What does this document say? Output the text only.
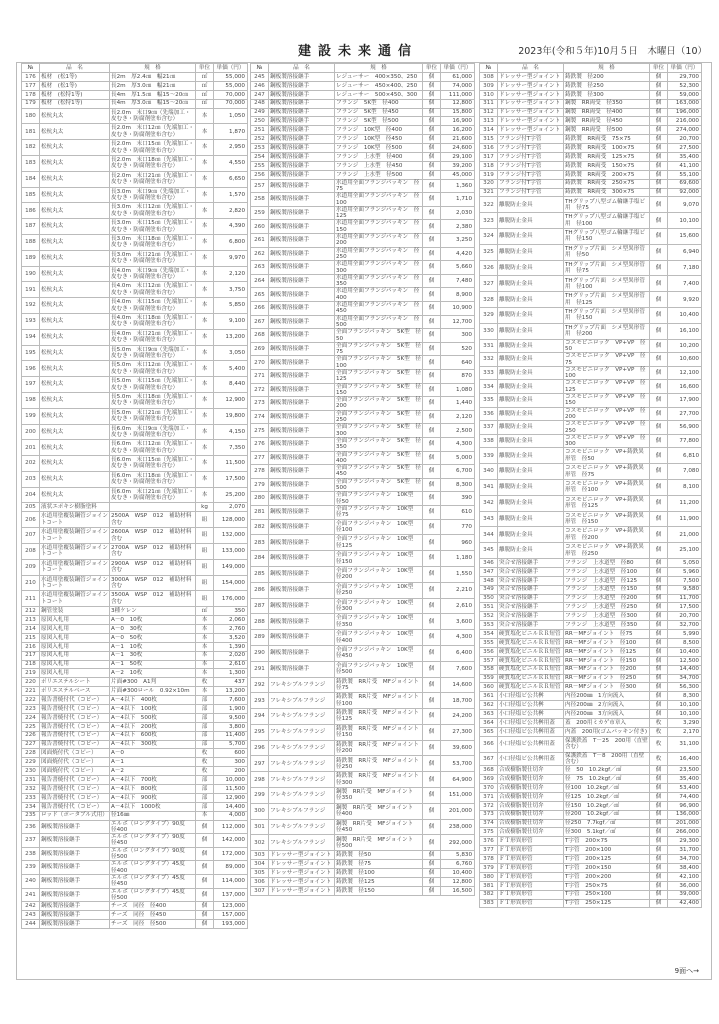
建設未来通信	2023年(令和５年)10月５日　木曜日（10）
№	品　名	規　格	単位	単価（円）
176	板材　(松1等)	長2m　厚2.4㎝　幅21㎝	㎥	55,000
177	板材　(松1等)	長2m　厚3.0㎝　幅21㎝	㎥	55,000
178	板材　(松特1等)	長4m　厚1.5㎝　幅15～20㎝	㎥	70,000
179	板材　(松特1等)	長4m　厚3.0㎝　幅15～20㎝	㎥	70,000
180	松杭丸太	長2.0m　末口9㎝（先端加工・皮むき・防腐剤塗布含む）	本	1,050
181	松杭丸太	長2.0m　末口12㎝（先端加工・皮むき・防腐剤塗布含む）	本	1,870
182	松杭丸太	長2.0m　末口15㎝（先端加工・皮むき・防腐剤塗布含む）	本	2,950
183	松杭丸太	長2.0m　末口18㎝（先端加工・皮むき・防腐剤塗布含む）	本	4,550
184	松杭丸太	長2.0m　末口21㎝（先端加工・皮むき・防腐剤塗布含む）	本	6,650
185	松杭丸太	長3.0m　末口9㎝（先端加工・皮むき・防腐剤塗布含む）	本	1,570
186	松杭丸太	長3.0m　末口12㎝（先端加工・皮むき・防腐剤塗布含む）	本	2,820
187	松杭丸太	長3.0m　末口15㎝（先端加工・皮むき・防腐剤塗布含む）	本	4,390
188	松杭丸太	長3.0m　末口18㎝（先端加工・皮むき・防腐剤塗布含む）	本	6,800
189	松杭丸太	長3.0m　末口21㎝（先端加工・皮むき・防腐剤塗布含む）	本	9,970
190	松杭丸太	長4.0m　末口9㎝（先端加工・皮むき・防腐剤塗布含む）	本	2,120
191	松杭丸太	長4.0m　末口12㎝（先端加工・皮むき・防腐剤塗布含む）	本	3,750
192	松杭丸太	長4.0m　末口15㎝（先端加工・皮むき・防腐剤塗布含む）	本	5,850
193	松杭丸太	長4.0m　末口18㎝（先端加工・皮むき・防腐剤塗布含む）	本	9,100
194	松杭丸太	長4.0m　末口21㎝（先端加工・皮むき・防腐剤塗布含む）	本	13,200
195	松杭丸太	長5.0m　末口9㎝（先端加工・皮むき・防腐剤塗布含む）	本	3,050
196	松杭丸太	長5.0m　末口12㎝（先端加工・皮むき・防腐剤塗布含む）	本	5,400
197	松杭丸太	長5.0m　末口15㎝（先端加工・皮むき・防腐剤塗布含む）	本	8,440
198	松杭丸太	長5.0m　末口18㎝（先端加工・皮むき・防腐剤塗布含む）	本	12,900
199	松杭丸太	長5.0m　末口21㎝（先端加工・皮むき・防腐剤塗布含む）	本	19,800
200	松杭丸太	長6.0m　末口9㎝（先端加工・皮むき・防腐剤塗布含む）	本	4,150
201	松杭丸太	長6.0m　末口12㎝（先端加工・皮むき・防腐剤塗布含む）	本	7,350
202	松杭丸太	長6.0m　末口15㎝（先端加工・皮むき・防腐剤塗布含む）	本	11,500
203	松杭丸太	長6.0m　末口18㎝（先端加工・皮むき・防腐剤塗布含む）	本	17,500
204	松杭丸太	長6.0m　末口21㎝（先端加工・皮むき・防腐剤塗布含む）	本	25,200
205	液状エポキシ樹脂塗料		kg	2,070
206	水道用塗覆装鋼管ジョイントコート	2500A　WSP　012　補助材料含む	組	128,000
207	水道用塗覆装鋼管ジョイントコート	2600A　WSP　012　補助材料含む	組	132,000
208	水道用塗覆装鋼管ジョイントコート	2700A　WSP　012　補助材料含む	組	133,000
209	水道用塗覆装鋼管ジョイントコート	2900A　WSP　012　補助材料含む	組	149,000
210	水道用塗覆装鋼管ジョイントコート	3000A　WSP　012　補助材料含む	組	154,000
211	水道用塗覆装鋼管ジョイントコート	3500A　WSP　012　補助材料含む	組	176,000
212	鋼管塗装	3種ケレン	㎡	350
213	原図入札用	A－0　10枚	本	2,060
214	原図入札用	A－0　30枚	本	2,760
215	原図入札用	A－0　50枚	本	3,520
216	原図入札用	A－1　10枚	本	1,390
217	原図入札用	A－1　30枚	本	2,020
218	原図入札用	A－1　50枚	本	2,610
219	原図入札用	A－2　10枚	本	1,300
220	ポリエステルシート	片面#300　A1判	枚	437
221	ポリエステルベース	片面#300ロール　0.92×10m	本	13,200
222	報告書焼付代（コピー）	A－4以下　400枚	部	7,600
223	報告書焼付代（コピー）	A－4以下　100枚	部	1,900
224	報告書焼付代（コピー）	A－4以下　500枚	部	9,500
225	報告書焼付代（コピー）	A－4以下　200枚	部	3,800
226	報告書焼付代（コピー）	A－4以下　600枚	部	11,400
227	報告書焼付代（コピー）	A－4以下　300枚	部	5,700
228	図面焼付代（コピー）	A－0	枚	600
229	図面焼付代（コピー）	A－1	枚	300
230	図面焼付代（コピー）	A－2	枚	200
231	報告書焼付代（コピー）	A－4以下　700枚	部	10,000
232	報告書焼付代（コピー）	A－4以下　800枚	部	11,500
233	報告書焼付代（コピー）	A－4以下　900枚	部	12,900
234	報告書焼付代（コピー）	A－4以下　1000枚	部	14,400
235	ロッド（ポータブル式用）	径16㎜	本	4,000
236	鋼板製溶接継手	エルボ（ロングタイプ）90度　径400	個	112,000
237	鋼板製溶接継手	エルボ（ロングタイプ）90度　径450	個	142,000
238	鋼板製溶接継手	エルボ（ロングタイプ）90度　径500	個	172,000
239	鋼板製溶接継手	エルボ（ロングタイプ）45度　径400	個	89,000
240	鋼板製溶接継手	エルボ（ロングタイプ）45度　径450	個	114,000
241	鋼板製溶接継手	エルボ（ロングタイプ）45度　径500	個	137,000
242	鋼板製溶接継手	チーズ　同径　径400	個	123,000
243	鋼板製溶接継手	チーズ　同径　径450	個	157,000
244	鋼板製溶接継手	チーズ　同径　径500	個	193,000
№	品　名	規　格	単位	単価（円）
245	鋼板製溶接継手	レジューサー　400×350、250	個	61,000
246	鋼板製溶接継手	レジューサー　450×400、250	個	74,000
247	鋼板製溶接継手	レジューサー　500×450、300	個	111,000
248	鋼板製溶接継手	フランジ　5K型　径400	個	12,800
249	鋼板製溶接継手	フランジ　5K型　径450	個	15,800
250	鋼板製溶接継手	フランジ　5K型　径500	個	16,900
251	鋼板製溶接継手	フランジ　10K型　径400	個	16,200
252	鋼板製溶接継手	フランジ　10K型　径450	個	21,600
253	鋼板製溶接継手	フランジ　10K型　径500	個	24,600
254	鋼板製溶接継手	フランジ　上水型　径400	個	29,100
255	鋼板製溶接継手	フランジ　上水型　径450	個	39,200
256	鋼板製溶接継手	フランジ　上水型　径500	個	45,000
257	鋼板製溶接継手	水道用全面フランジパッキン　径75	個	1,360
258	鋼板製溶接継手	水道用全面フランジパッキン　径100	個	1,710
259	鋼板製溶接継手	水道用全面フランジパッキン　径125	個	2,030
260	鋼板製溶接継手	水道用全面フランジパッキン　径150	個	2,380
261	鋼板製溶接継手	水道用全面フランジパッキン　径200	個	3,250
262	鋼板製溶接継手	水道用全面フランジパッキン　径250	個	4,420
263	鋼板製溶接継手	水道用全面フランジパッキン　径300	個	5,660
264	鋼板製溶接継手	水道用全面フランジパッキン　径350	個	7,480
265	鋼板製溶接継手	水道用全面フランジパッキン　径400	個	8,900
266	鋼板製溶接継手	水道用全面フランジパッキン　径450	個	10,900
267	鋼板製溶接継手	水道用全面フランジパッキン　径500	個	12,700
268	鋼板製溶接継手	全面フランジパッキン　5K型　径50	個	300
269	鋼板製溶接継手	全面フランジパッキン　5K型　径75	個	520
270	鋼板製溶接継手	全面フランジパッキン　5K型　径100	個	640
271	鋼板製溶接継手	全面フランジパッキン　5K型　径125	個	870
272	鋼板製溶接継手	全面フランジパッキン　5K型　径150	個	1,080
273	鋼板製溶接継手	全面フランジパッキン　5K型　径200	個	1,440
274	鋼板製溶接継手	全面フランジパッキン　5K型　径250	個	2,120
275	鋼板製溶接継手	全面フランジパッキン　5K型　径300	個	2,500
276	鋼板製溶接継手	全面フランジパッキン　5K型　径350	個	4,300
277	鋼板製溶接継手	全面フランジパッキン　5K型　径400	個	5,000
278	鋼板製溶接継手	全面フランジパッキン　5K型　径450	個	6,700
279	鋼板製溶接継手	全面フランジパッキン　5K型　径500	個	8,300
280	鋼板製溶接継手	全面フランジパッキン　10K型　径50	個	390
281	鋼板製溶接継手	全面フランジパッキン　10K型　径75	個	610
282	鋼板製溶接継手	全面フランジパッキン　10K型　径100	個	770
283	鋼板製溶接継手	全面フランジパッキン　10K型　径125	個	960
284	鋼板製溶接継手	全面フランジパッキン　10K型　径150	個	1,180
285	鋼板製溶接継手	全面フランジパッキン　10K型　径200	個	1,550
286	鋼板製溶接継手	全面フランジパッキン　10K型　径250	個	2,210
287	鋼板製溶接継手	全面フランジパッキン　10K型　径300	個	2,610
288	鋼板製溶接継手	全面フランジパッキン　10K型　径350	個	3,600
289	鋼板製溶接継手	全面フランジパッキン　10K型　径400	個	4,300
290	鋼板製溶接継手	全面フランジパッキン　10K型　径450	個	6,400
291	鋼板製溶接継手	全面フランジパッキン　10K型　径500	個	7,600
292	フレキシブルフランジ	鋳鉄製　RR片受　MFジョイント　径75	個	14,600
293	フレキシブルフランジ	鋳鉄製　RR片受　MFジョイント　径100	個	18,700
294	フレキシブルフランジ	鋳鉄製　RR片受　MFジョイント　径125	個	24,200
295	フレキシブルフランジ	鋳鉄製　RR片受　MFジョイント　径150	個	27,300
296	フレキシブルフランジ	鋳鉄製　RR片受　MFジョイント　径200	個	39,600
297	フレキシブルフランジ	鋳鉄製　RR片受　MFジョイント　径250	個	53,700
298	フレキシブルフランジ	鋳鉄製　RR片受　MFジョイント　径300	個	64,900
299	フレキシブルフランジ	鋼製　RR片受　MFジョイント　径350	個	151,000
300	フレキシブルフランジ	鋼製　RR片受　MFジョイント　径400	個	201,000
301	フレキシブルフランジ	鋼製　RR片受　MFジョイント　径450	個	238,000
302	フレキシブルフランジ	鋼製　RR片受　MFジョイント　径500	個	292,000
303	ドレッサー型ジョイント	鋳鉄製　径50	個	5,830
304	ドレッサー型ジョイント	鋳鉄製　径75	個	6,760
305	ドレッサー型ジョイント	鋳鉄製　径100	個	10,400
306	ドレッサー型ジョイント	鋳鉄製　径125	個	12,800
307	ドレッサー型ジョイント	鋳鉄製　径150	個	16,500
№	品　名	規　格	単位	単価（円）
308	ドレッサー型ジョイント	鋳鉄製　径200	個	29,700
309	ドレッサー型ジョイント	鋳鉄製　径250	個	52,300
310	ドレッサー型ジョイント	鋳鉄製　径300	個	59,000
311	ドレッサー型ジョイント	鋼製　RR両受　径350	個	163,000
312	ドレッサー型ジョイント	鋼製　RR両受　径400	個	196,000
313	ドレッサー型ジョイント	鋼製　RR両受　径450	個	216,000
314	ドレッサー型ジョイント	鋼製　RR両受　径500	個	274,000
315	フランジ付T字管	鋳鉄製　RR両受　75×75	個	20,700
316	フランジ付T字管	鋳鉄製　RR両受　100×75	個	27,500
317	フランジ付T字管	鋳鉄製　RR両受　125×75	個	35,400
318	フランジ付T字管	鋳鉄製　RR両受　150×75	個	41,100
319	フランジ付T字管	鋳鉄製　RR両受　200×75	個	55,100
320	フランジ付T字管	鋳鉄製　RR両受　250×75	個	69,600
321	フランジ付T字管	鋳鉄製　RR両受　300×75	個	92,000
322	離脱防止金具	THグリップ八型ゴム輪継手塩ビ用　径75	個	9,070
323	離脱防止金具	THグリップ八型ゴム輪継手塩ビ用　径100	個	10,100
324	離脱防止金具	THグリップ八型ゴム輪継手塩ビ用　径150	個	15,600
325	離脱防止金具	THグリップ片面　シメ型異形管用　径50	個	6,940
326	離脱防止金具	THグリップ片面　シメ型異形管用　径75	個	7,180
327	離脱防止金具	THグリップ片面　シメ型異形管用　径100	個	7,400
328	離脱防止金具	THグリップ片面　シメ型異形管用　径125	個	9,920
329	離脱防止金具	THグリップ片面　シメ型異形管用　径150	個	10,400
330	離脱防止金具	THグリップ片面　シメ型異形管用　径200	個	16,100
331	離脱防止金具	コスモビニロック　VP+VP　径50	個	10,200
332	離脱防止金具	コスモビニロック　VP+VP　径75	個	10,600
333	離脱防止金具	コスモビニロック　VP+VP　径100	個	12,100
334	離脱防止金具	コスモビニロック　VP+VP　径125	個	16,600
335	離脱防止金具	コスモビニロック　VP+VP　径150	個	17,900
336	離脱防止金具	コスモビニロック　VP+VP　径200	個	27,700
337	離脱防止金具	コスモビニロック　VP+VP　径250	個	56,900
338	離脱防止金具	コスモビニロック　VP+VP　径300	個	77,800
339	離脱防止金具	コスモビニロック　VP+鋳鉄異形管　径50	個	6,810
340	離脱防止金具	コスモビニロック　VP+鋳鉄異形管　径75	個	7,080
341	離脱防止金具	コスモビニロック　VP+鋳鉄異形管　径100	個	8,100
342	離脱防止金具	コスモビニロック　VP+鋳鉄異形管　径125	個	11,200
343	離脱防止金具	コスモビニロック　VP+鋳鉄異形管　径150	個	11,900
344	離脱防止金具	コスモビニロック　VP+鋳鉄異形管　径200	個	21,000
345	離脱防止金具	コスモビニロック　VP+鋳鉄異形管　径250	個	25,100
346	突合せ溶接継手	フランジ　上水道型　径80	個	5,050
347	突合せ溶接継手	フランジ　上水道型　径100	個	5,960
348	突合せ溶接継手	フランジ　上水道型　径125	個	7,500
349	突合せ溶接継手	フランジ　上水道型　径150	個	9,580
350	突合せ溶接継手	フランジ　上水道型　径200	個	11,700
351	突合せ溶接継手	フランジ　上水道型　径250	個	17,500
352	突合せ溶接継手	フランジ　上水道型　径300	個	20,700
353	突合せ溶接継手	フランジ　上水道型　径350	個	32,700
354	硬質塩化ビニルＲＲ短管	RR－MFジョイント　径75	個	5,990
355	硬質塩化ビニルＲＲ短管	RR－MFジョイント　径100	個	8,500
356	硬質塩化ビニルＲＲ短管	RR－MFジョイント　径125	個	10,400
357	硬質塩化ビニルＲＲ短管	RR－MFジョイント　径150	個	12,500
358	硬質塩化ビニルＲＲ短管	RR－MFジョイント　径200	個	14,400
359	硬質塩化ビニルＲＲ短管	RR－MFジョイント　径250	個	34,700
360	硬質塩化ビニルＲＲ短管	RR－MFジョイント　径300	個	56,300
361	小口径塩ビ公共桝	内径200㎜　1方向流入	個	8,300
362	小口径塩ビ公共桝	内径200㎜　2方向流入	個	10,100
363	小口径塩ビ公共桝	内径200㎜　3方向流入	個	10,100
364	小口径塩ビ公共桝用蓋	蓋　200用ミカゲ市章入	枚	3,290
365	小口径塩ビ公共桝用蓋	内蓋　200用(ゴムパッキン付き)	枚	2,170
366	小口径塩ビ公共桝用蓋	保護鉄蓋　T－25　200用（直壁含む）	枚	31,100
367	小口径塩ビ公共桝用蓋	保護鉄蓋　T－8　200用（直壁含む）	枚	16,400
368	合成樹脂製仕切弁	径　50　10.2kgf／㎠	個	23,500
369	合成樹脂製仕切弁	径　75　10.2kgf／㎠	個	35,400
370	合成樹脂製仕切弁	径100　10.2kgf／㎠	個	53,400
371	合成樹脂製仕切弁	径125　10.2kgf／㎠	個	74,400
372	合成樹脂製仕切弁	径150　10.2kgf／㎠	個	96,900
373	合成樹脂製仕切弁	径200　10.2kgf／㎠	個	136,000
374	合成樹脂製仕切弁	径250　7.7kgf／㎠	個	201,000
375	合成樹脂製仕切弁	径300　5.1kgf／㎠	個	266,000
376	ＦＴ形異形管	T字管　200×75	個	29,300
377	ＦＴ形異形管	T字管　200×100	個	31,700
378	ＦＴ形異形管	T字管　200×125	個	34,700
379	ＦＴ形異形管	T字管　200×150	個	38,400
380	ＦＴ形異形管	T字管　200×200	個	42,100
381	ＦＴ形異形管	T字管　250×75	個	36,000
382	ＦＴ形異形管	T字管　250×100	個	39,000
383	ＦＴ形異形管	T字管　250×125	個	42,400
9面へ→
